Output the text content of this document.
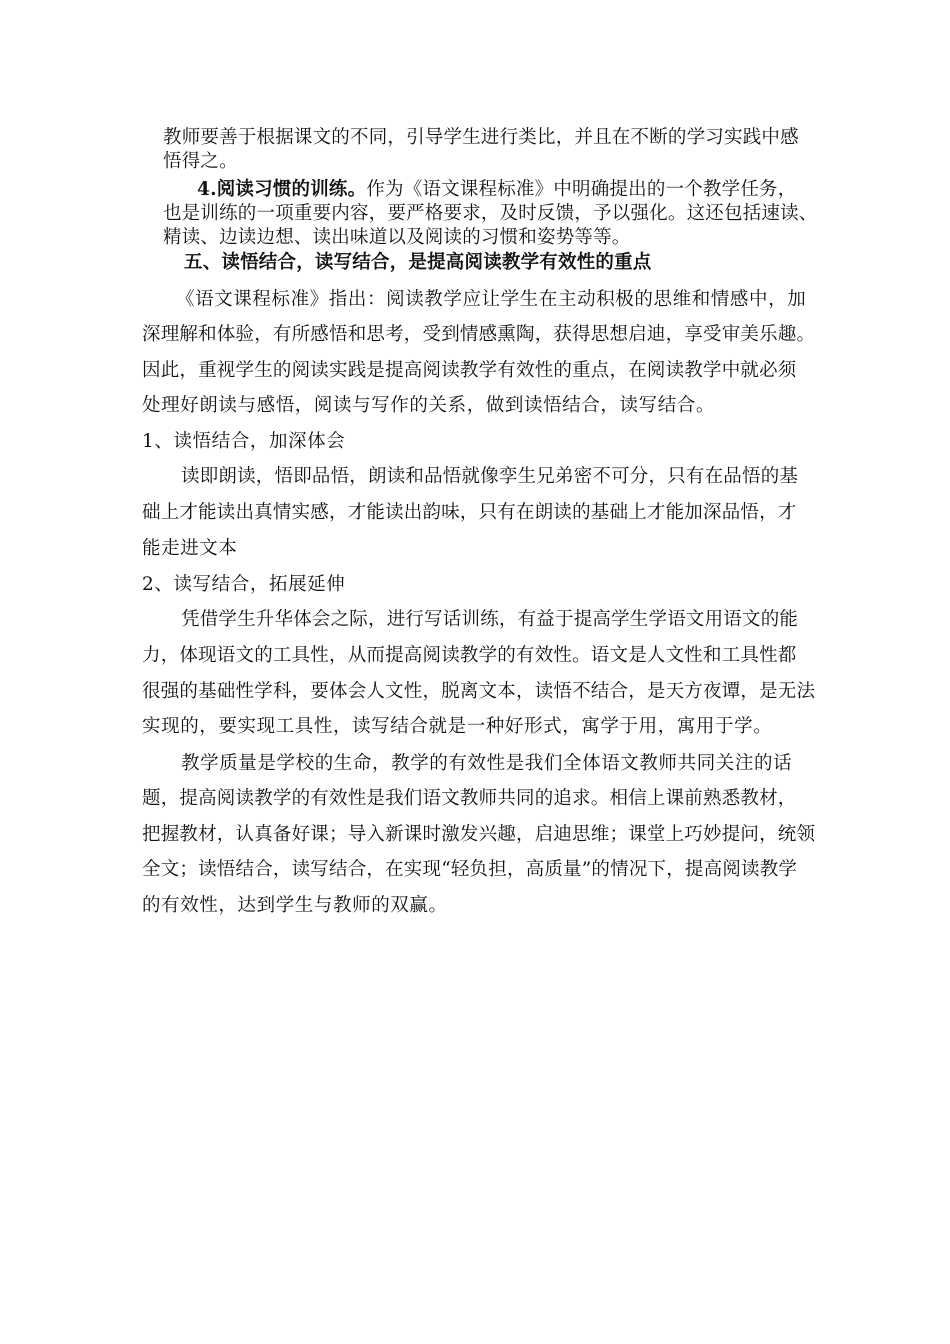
教师要善于根据课文的不同，引导学生进行类比，并且在不断的学习实践中感
悟得之。
4.阅读习惯的训练。作为《语文课程标准》中明确提出的一个教学任务，
也是训练的一项重要内容，要严格要求，及时反馈，予以强化。这还包括速读、
精读、边读边想、读出味道以及阅读的习惯和姿势等等。
五、读悟结合，读写结合，是提高阅读教学有效性的重点
《语文课程标准》指出：阅读教学应让学生在主动积极的思维和情感中，加
深理解和体验，有所感悟和思考，受到情感熏陶，获得思想启迪，享受审美乐趣。
因此，重视学生的阅读实践是提高阅读教学有效性的重点，在阅读教学中就必须
处理好朗读与感悟，阅读与写作的关系，做到读悟结合，读写结合。
1、读悟结合，加深体会
读即朗读，悟即品悟，朗读和品悟就像孪生兄弟密不可分，只有在品悟的基
础上才能读出真情实感，才能读出韵味，只有在朗读的基础上才能加深品悟，才
能走进文本
2、读写结合，拓展延伸
凭借学生升华体会之际，进行写话训练，有益于提高学生学语文用语文的能
力，体现语文的工具性，从而提高阅读教学的有效性。语文是人文性和工具性都
很强的基础性学科，要体会人文性，脱离文本，读悟不结合，是天方夜谭，是无法
实现的，要实现工具性，读写结合就是一种好形式，寓学于用，寓用于学。
教学质量是学校的生命，教学的有效性是我们全体语文教师共同关注的话
题，提高阅读教学的有效性是我们语文教师共同的追求。相信上课前熟悉教材，
把握教材，认真备好课；导入新课时激发兴趣，启迪思维；课堂上巧妙提问，统领
全文；读悟结合，读写结合，在实现“轻负担，高质量”的情况下，提高阅读教学
的有效性，达到学生与教师的双赢。
